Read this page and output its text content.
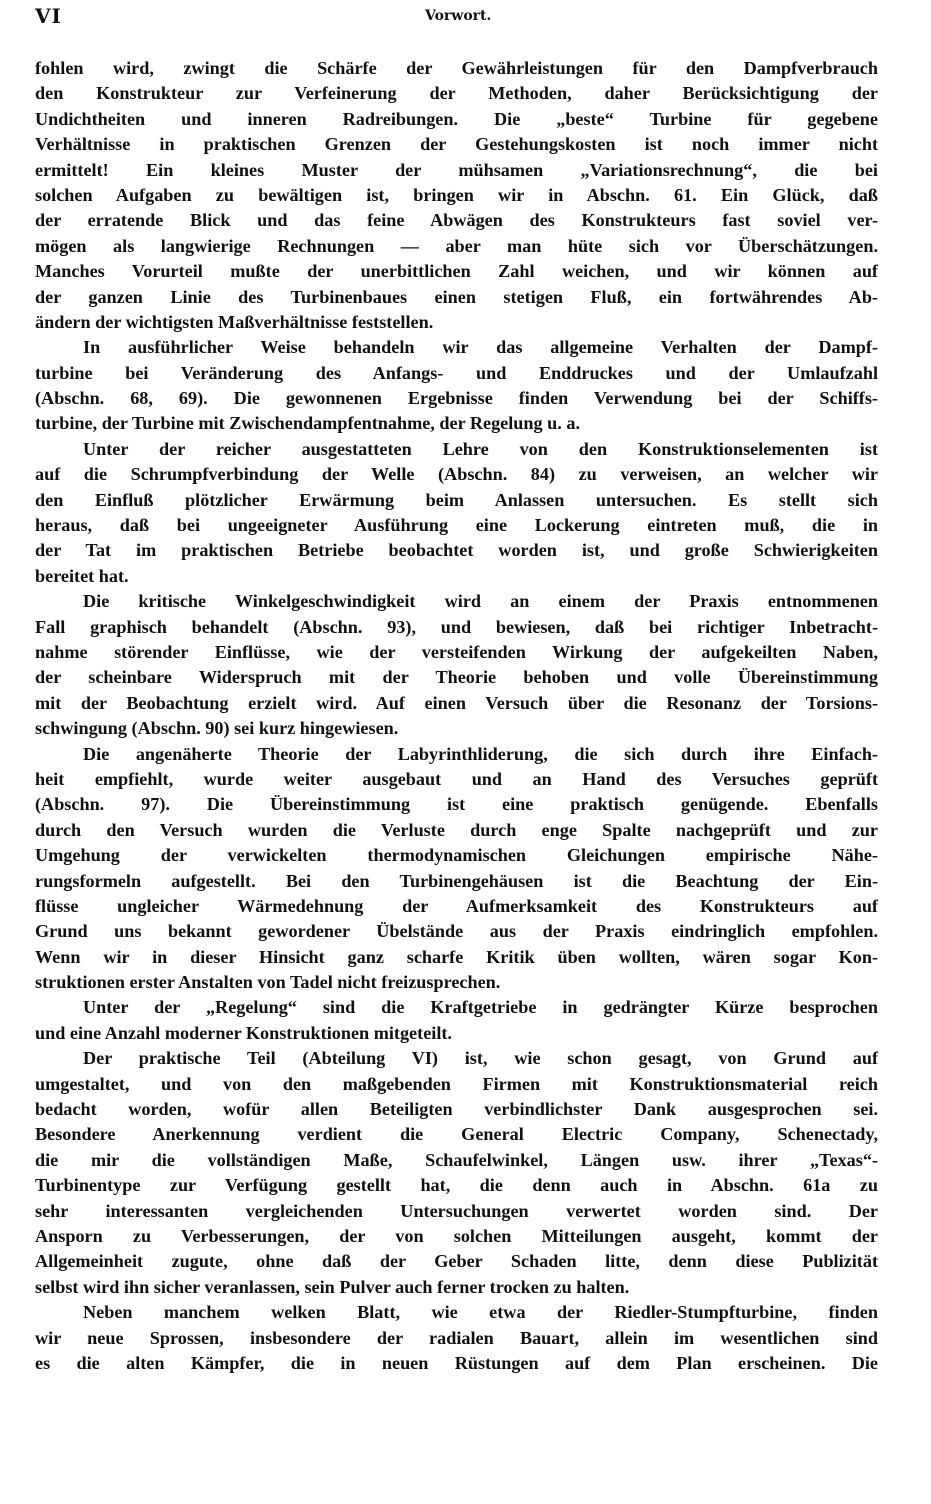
VI	Vorwort.
fohlen wird, zwingt die Schärfe der Gewährleistungen für den Dampfverbrauch
den Konstrukteur zur Verfeinerung der Methoden, daher Berücksichtigung der
Undichtheiten und inneren Radreibungen. Die „beste“ Turbine für gegebene
Verhältnisse in praktischen Grenzen der Gestehungskosten ist noch immer nicht
ermittelt! Ein kleines Muster der mühsamen „Variationsrechnung“, die bei
solchen Aufgaben zu bewältigen ist, bringen wir in Abschn. 61. Ein Glück, daß
der erratende Blick und das feine Abwägen des Konstrukteurs fast soviel ver-
mögen als langwierige Rechnungen — aber man hüte sich vor Überschätzungen.
Manches Vorurteil mußte der unerbittlichen Zahl weichen, und wir können auf
der ganzen Linie des Turbinenbaues einen stetigen Fluß, ein fortwährendes Ab-
ändern der wichtigsten Maßverhältnisse feststellen.
In ausführlicher Weise behandeln wir das allgemeine Verhalten der Dampf-
turbine bei Veränderung des Anfangs- und Enddruckes und der Umlaufzahl
(Abschn. 68, 69). Die gewonnenen Ergebnisse finden Verwendung bei der Schiffs-
turbine, der Turbine mit Zwischendampfentnahme, der Regelung u. a.
Unter der reicher ausgestatteten Lehre von den Konstruktionselementen ist
auf die Schrumpfverbindung der Welle (Abschn. 84) zu verweisen, an welcher wir
den Einfluß plötzlicher Erwärmung beim Anlassen untersuchen. Es stellt sich
heraus, daß bei ungeeigneter Ausführung eine Lockerung eintreten muß, die in
der Tat im praktischen Betriebe beobachtet worden ist, und große Schwierigkeiten
bereitet hat.
Die kritische Winkelgeschwindigkeit wird an einem der Praxis entnommenen
Fall graphisch behandelt (Abschn. 93), und bewiesen, daß bei richtiger Inbetracht-
nahme störender Einflüsse, wie der versteifenden Wirkung der aufgekeilten Naben,
der scheinbare Widerspruch mit der Theorie behoben und volle Übereinstimmung
mit der Beobachtung erzielt wird. Auf einen Versuch über die Resonanz der Torsions-
schwingung (Abschn. 90) sei kurz hingewiesen.
Die angenäherte Theorie der Labyrinthliderung, die sich durch ihre Einfach-
heit empfiehlt, wurde weiter ausgebaut und an Hand des Versuches geprüft
(Abschn. 97). Die Übereinstimmung ist eine praktisch genügende. Ebenfalls
durch den Versuch wurden die Verluste durch enge Spalte nachgeprüft und zur
Umgehung der verwickelten thermodynamischen Gleichungen empirische Nähe-
rungsformeln aufgestellt. Bei den Turbinengehäusen ist die Beachtung der Ein-
flüsse ungleicher Wärmedehnung der Aufmerksamkeit des Konstrukteurs auf
Grund uns bekannt gewordener Übelstände aus der Praxis eindringlich empfohlen.
Wenn wir in dieser Hinsicht ganz scharfe Kritik üben wollten, wären sogar Kon-
struktionen erster Anstalten von Tadel nicht freizusprechen.
Unter der „Regelung“ sind die Kraftgetriebe in gedrängter Kürze besprochen
und eine Anzahl moderner Konstruktionen mitgeteilt.
Der praktische Teil (Abteilung VI) ist, wie schon gesagt, von Grund auf
umgestaltet, und von den maßgebenden Firmen mit Konstruktionsmaterial reich
bedacht worden, wofür allen Beteiligten verbindlichster Dank ausgesprochen sei.
Besondere Anerkennung verdient die General Electric Company, Schenectady,
die mir die vollständigen Maße, Schaufelwinkel, Längen usw. ihrer „Texas“-
Turbinentype zur Verfügung gestellt hat, die denn auch in Abschn. 61a zu
sehr interessanten vergleichenden Untersuchungen verwertet worden sind. Der
Ansporn zu Verbesserungen, der von solchen Mitteilungen ausgeht, kommt der
Allgemeinheit zugute, ohne daß der Geber Schaden litte, denn diese Publizität
selbst wird ihn sicher veranlassen, sein Pulver auch ferner trocken zu halten.
Neben manchem welken Blatt, wie etwa der Riedler-Stumpfturbine, finden
wir neue Sprossen, insbesondere der radialen Bauart, allein im wesentlichen sind
es die alten Kämpfer, die in neuen Rüstungen auf dem Plan erscheinen. Die
